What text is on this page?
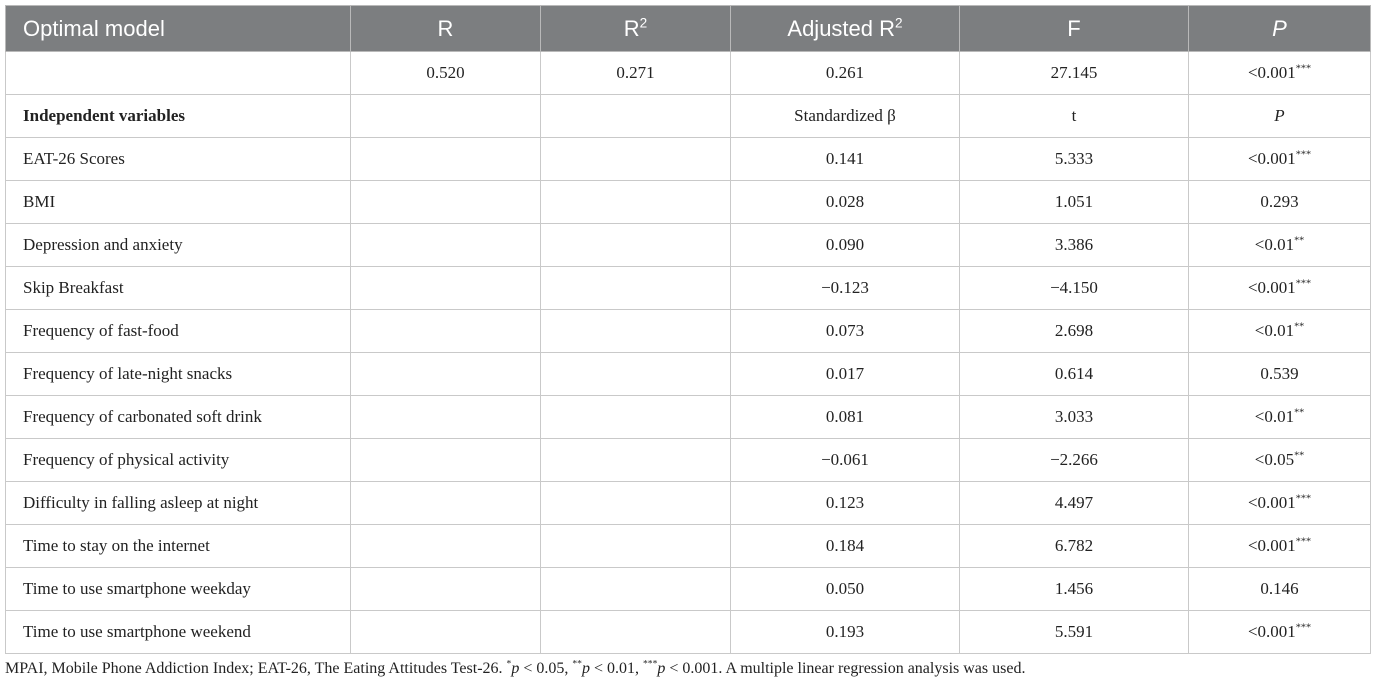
Optimal model	R	$R^2$	Adjusted $R^2$	F	P
	0.520	0.271	0.261	27.145	<0.001***
Independent variables			Standardized β	t	P
EAT-26 Scores			0.141	5.333	<0.001***
BMI			0.028	1.051	0.293
Depression and anxiety			0.090	3.386	<0.01**
Skip Breakfast			−0.123	−4.150	<0.001***
Frequency of fast-food			0.073	2.698	<0.01**
Frequency of late-night snacks			0.017	0.614	0.539
Frequency of carbonated soft drink			0.081	3.033	<0.01**
Frequency of physical activity			−0.061	−2.266	<0.05**
Difficulty in falling asleep at night			0.123	4.497	<0.001***
Time to stay on the internet			0.184	6.782	<0.001***
Time to use smartphone weekday			0.050	1.456	0.146
Time to use smartphone weekend			0.193	5.591	<0.001***
MPAI, Mobile Phone Addiction Index; EAT-26, The Eating Attitudes Test-26. *p < 0.05, **p < 0.01, ***p < 0.001. A multiple linear regression analysis was used.
